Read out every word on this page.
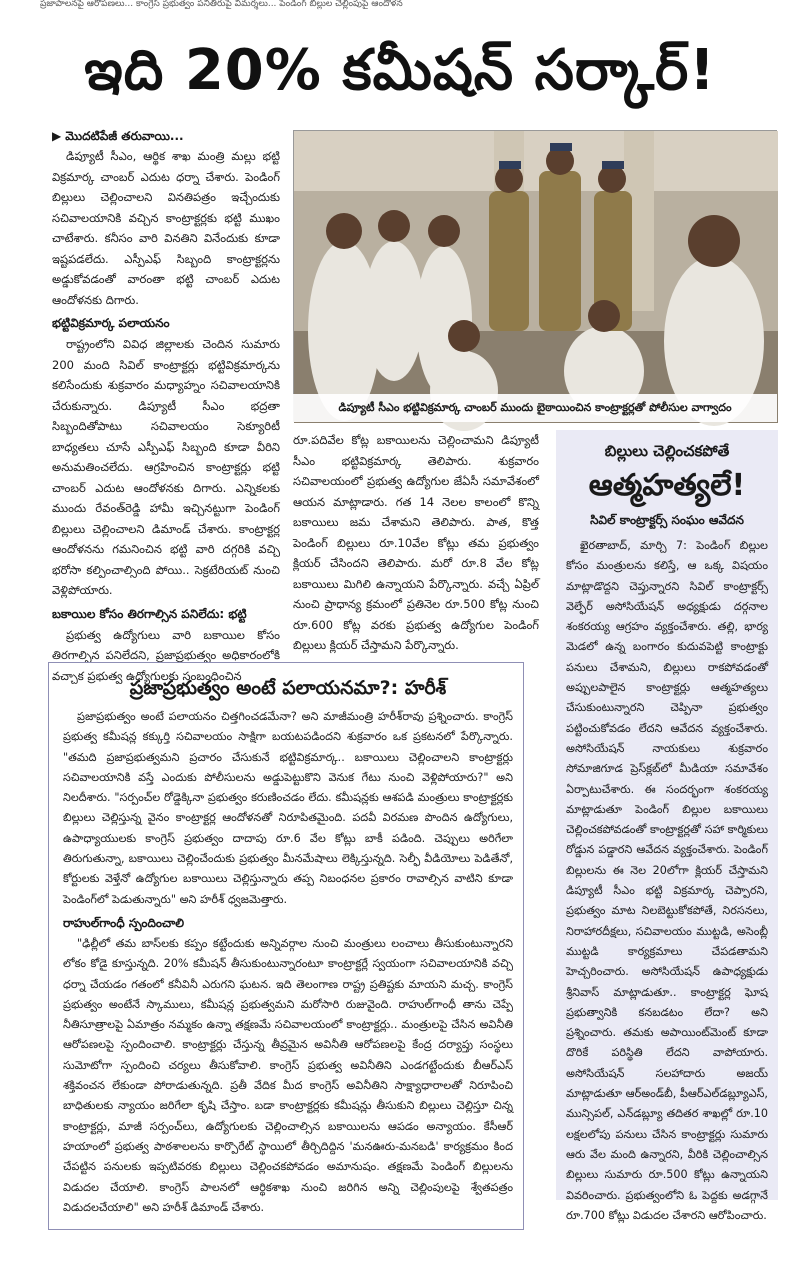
ప్రజాపాలనపై ఆరోపణలు... కాంగ్రెస్ ప్రభుత్వం పనితీరుపై విమర్శలు... పెండింగ్ బిల్లుల చెల్లింపుపై ఆందోళన
ఇది 20% కమీషన్ సర్కార్!
▶ మొదటిపేజీ తరువాయి...

డిప్యూటీ సీఎం, ఆర్థిక శాఖ మంత్రి మల్లు భట్టి విక్రమార్క చాంబర్ ఎదుట ధర్నా చేశారు. పెండింగ్ బిల్లులు చెల్లించాలని వినతిపత్రం ఇచ్చేందుకు సచివాలయానికి వచ్చిన కాంట్రాక్టర్లకు భట్టి ముఖం చాటేశారు. కనీసం వారి వినతిని వినేందుకు కూడా ఇష్టపడలేదు. ఎస్పీఎఫ్ సిబ్బంది కాంట్రాక్టర్లను అడ్డుకోవడంతో వారంతా భట్టి చాంబర్ ఎదుట ఆందోళనకు దిగారు.

భట్టివిక్రమార్క పలాయనం

రాష్ట్రంలోని వివిధ జిల్లాలకు చెందిన సుమారు 200 మంది సివిల్ కాంట్రాక్టర్లు భట్టివిక్రమార్కను కలిసేందుకు శుక్రవారం మధ్యాహ్నం సచివాలయానికి చేరుకున్నారు. డిప్యూటీ సీఎం భద్రతా సిబ్బందితోపాటు సచివాలయం సెక్యూరిటీ బాధ్యతలు చూసే ఎస్పీఎఫ్ సిబ్బంది కూడా వీరిని అనుమతించలేదు. ఆగ్రహించిన కాంట్రాక్టర్లు భట్టి చాంబర్ ఎదుట ఆందోళనకు దిగారు. ఎన్నికలకు ముందు రేవంత్‌రెడ్డి హామీ ఇచ్చినట్టుగా పెండింగ్ బిల్లులు చెల్లించాలని డిమాండ్ చేశారు. కాంట్రాక్టర్ల ఆందోళనను గమనించిన భట్టి వారి దగ్గరికి వచ్చి భరోసా కల్పించాల్సింది పోయి.. సెక్రటేరియట్ నుంచి వెళ్లిపోయారు.

బకాయిల కోసం తిరగాల్సిన పనిలేదు: భట్టి

ప్రభుత్వ ఉద్యోగులు వారి బకాయిల కోసం తిరగాల్సిన పనిలేదని, ప్రజాప్రభుత్వం అధికారంలోకి వచ్చాక ప్రభుత్వ ఉద్యోగులకు సంబంధించిన

డిప్యూటీ సీఎం భట్టివిక్రమార్క చాంబర్ ముందు బైఠాయించిన కాంట్రాక్టర్లతో పోలీసుల వాగ్వాదం

రూ.పదివేల కోట్ల బకాయిలను చెల్లించామని డిప్యూటీ సీఎం భట్టివిక్రమార్క తెలిపారు. శుక్రవారం సచివాలయంలో ప్రభుత్వ ఉద్యోగుల జేఏసీ సమావేశంలో ఆయన మాట్లాడారు. గత 14 నెలల కాలంలో కొన్ని బకాయిలు జమ చేశామని తెలిపారు. పాత, కొత్త పెండింగ్ బిల్లులు రూ.10వేల కోట్లు తమ ప్రభుత్వం క్లియర్ చేసిందని తెలిపారు. మరో రూ.8 వేల కోట్ల బకాయిలు మిగిలి ఉన్నాయని పేర్కొన్నారు. వచ్చే ఏప్రిల్ నుంచి ప్రాధాన్య క్రమంలో ప్రతినెల రూ.500 కోట్ల నుంచి రూ.600 కోట్ల వరకు ప్రభుత్వ ఉద్యోగుల పెండింగ్ బిల్లులు క్లియర్ చేస్తామని పేర్కొన్నారు.

ప్రజాప్రభుత్వం అంటే పలాయనమా?: హరీశ్

ప్రజాప్రభుత్వం అంటే పలాయనం చిత్తగించడమేనా? అని మాజీమంత్రి హరీశ్‌రావు ప్రశ్నించారు. కాంగ్రెస్ ప్రభుత్వ కమీషన్ల కక్కుర్తి సచివాలయం సాక్షిగా బయటపడిందని శుక్రవారం ఒక ప్రకటనలో పేర్కొన్నారు. "తమది ప్రజాప్రభుత్వమని ప్రచారం చేసుకునే భట్టివిక్రమార్క.. బకాయిలు చెల్లించాలని కాంట్రాక్టర్లు సచివాలయానికి వస్తే ఎందుకు పోలీసులను అడ్డుపెట్టుకొని వెనుక గేటు నుంచి వెళ్లిపోయారు?" అని నిలదీశారు. "సర్పంచ్‌ల రోడ్డెక్కినా ప్రభుత్వం కరుణించడం లేదు. కమీషన్లకు ఆశపడి మంత్రులు కాంట్రాక్టర్లకు బిల్లులు చెల్లిస్తున్న వైనం కాంట్రాక్టర్ల ఆందోళనతో నిరూపితమైంది. పదవీ విరమణ పొందిన ఉద్యోగులు, ఉపాధ్యాయులకు కాంగ్రెస్ ప్రభుత్వం దాదాపు రూ.6 వేల కోట్లు బాకీ పడింది. చెప్పులు అరిగేలా తిరుగుతున్నా, బకాయిలు చెల్లించేందుకు ప్రభుత్వం మీనమేషాలు లెక్కిస్తున్నది. సెల్ఫీ వీడియోలు పెడితేనో, కోర్టులకు వెళ్తేనో ఉద్యోగుల బకాయిలు చెల్లిస్తున్నారు తప్ప నిబంధనల ప్రకారం రావాల్సిన వాటిని కూడా పెండింగ్‌లో పెడుతున్నారు" అని హరీశ్ ధ్వజమెత్తారు.

రాహుల్‌గాంధీ స్పందించాలి

"ఢిల్లీలో తమ బాస్‌లకు కప్పం కట్టేందుకు అన్నివర్గాల నుంచి మంత్రులు లంచాలు తీసుకుంటున్నారని లోకం కోడై కూస్తున్నది. 20% కమీషన్ తీసుకుంటున్నారంటూ కాంట్రాక్టర్లే స్వయంగా సచివాలయానికి వచ్చి ధర్నా చేయడం గతంలో కనీవినీ ఎరుగని ఘటన. ఇది తెలంగాణ రాష్ట్ర ప్రతిష్టకు మాయని మచ్చ. కాంగ్రెస్ ప్రభుత్వం అంటేనే స్కాములు, కమీషన్ల ప్రభుత్వమని మరోసారి రుజువైంది. రాహుల్‌గాంధీ తాను చెప్పే నీతిసూత్రాలపై ఏమాత్రం నమ్మకం ఉన్నా తక్షణమే సచివాలయంలో కాంట్రాక్టర్లు.. మంత్రులపై చేసిన అవినీతి ఆరోపణలపై స్పందించాలి. కాంట్రాక్టర్లు చేస్తున్న తీవ్రమైన అవినీతి ఆరోపణలపై కేంద్ర దర్యాప్తు సంస్థలు సుమోటోగా స్పందించి చర్యలు తీసుకోవాలి. కాంగ్రెస్ ప్రభుత్వ అవినీతిని ఎండగట్టేందుకు బీఆర్ఎస్ శక్తివంచన లేకుండా పోరాడుతున్నది. ప్రతీ వేదిక మీద కాంగ్రెస్ అవినీతిని సాక్ష్యాధారాలతో నిరూపించి బాధితులకు న్యాయం జరిగేలా కృషి చేస్తాం. బడా కాంట్రాక్టర్లకు కమీషన్లు తీసుకుని బిల్లులు చెల్లిస్తూ చిన్న కాంట్రాక్టర్లు, మాజీ సర్పంచ్‌లు, ఉద్యోగులకు చెల్లించాల్సిన బకాయిలను ఆపడం అన్యాయం. కేసీఆర్ హయాంలో ప్రభుత్వ పాఠశాలలను కార్పొరేట్ స్థాయిలో తీర్చిదిద్దిన 'మనఊరు-మనబడి' కార్యక్రమం కింద చేపట్టిన పనులకు ఇప్పటివరకు బిల్లులు చెల్లించకపోవడం అమానుషం. తక్షణమే పెండింగ్ బిల్లులను విడుదల చేయాలి. కాంగ్రెస్ పాలనలో ఆర్థికశాఖ నుంచి జరిగిన అన్ని చెల్లింపులపై శ్వేతపత్రం విడుదలచేయాలి" అని హరీశ్ డిమాండ్ చేశారు.

బిల్లులు చెల్లించకపోతే
ఆత్మహత్యలే!
సివిల్ కాంట్రాక్టర్స్ సంఘం ఆవేదన

ఖైరతాబాద్, మార్చి 7: పెండింగ్ బిల్లుల కోసం మంత్రులను కలిస్తే, ఆ ఒక్క విషయం మాట్లాడొద్దని చెప్తున్నారని సివిల్ కాంట్రాక్టర్స్ వెల్ఫేర్ అసోసియేషన్ అధ్యక్షుడు దర్గనాల శంకరయ్య ఆగ్రహం వ్యక్తంచేశారు. తల్లి, భార్య మెడలో ఉన్న బంగారం కుదువపెట్టి కాంట్రాక్టు పనులు చేశామని, బిల్లులు రాకపోవడంతో అప్పులపాలైన కాంట్రాక్టర్లు ఆత్మహత్యలు చేసుకుంటున్నారని చెప్పినా ప్రభుత్వం పట్టించుకోవడం లేదని ఆవేదన వ్యక్తంచేశారు. అసోసియేషన్ నాయకులు శుక్రవారం సోమాజిగూడ ప్రెస్‌క్లబ్‌లో మీడియా సమావేశం ఏర్పాటుచేశారు. ఈ సందర్భంగా శంకరయ్య మాట్లాడుతూ పెండింగ్ బిల్లుల బకాయిలు చెల్లించకపోవడంతో కాంట్రాక్టర్లతో సహా కార్మికులు రోడ్డున పడ్డారని ఆవేదన వ్యక్తంచేశారు. పెండింగ్ బిల్లులను ఈ నెల 20లోగా క్లియర్ చేస్తామని డిప్యూటీ సీఎం భట్టి విక్రమార్క చెప్పారని, ప్రభుత్వం మాట నిలబెట్టుకోకపోతే, నిరసనలు, నిరాహారదీక్షలు, సచివాలయం ముట్టడి, అసెంబ్లీ ముట్టడి కార్యక్రమాలు చేపడతామని హెచ్చరించారు. అసోసియేషన్ ఉపాధ్యక్షుడు శ్రీనివాస్ మాట్లాడుతూ.. కాంట్రాక్టర్ల ఘోష ప్రభుత్వానికి కనబడటం లేదా? అని ప్రశ్నించారు. తమకు అపాయింట్‌మెంట్ కూడా దొరికే పరిస్థితి లేదని వాపోయారు. అసోసియేషన్ సలహాదారు అజయ్ మాట్లాడుతూ ఆర్‌అండ్‌బీ, పీఆర్‌ఎల్‌డబ్ల్యూఎస్, మున్సిపల్, ఎన్‌డబ్ల్యూ తదితర శాఖల్లో రూ.10 లక్షలలోపు పనులు చేసిన కాంట్రాక్టర్లు సుమారు ఆరు వేల మంది ఉన్నారని, వీరికి చెల్లించాల్సిన బిల్లులు సుమారు రూ.500 కోట్లు ఉన్నాయని వివరించారు. ప్రభుత్వంలోని ఓ పెద్దకు అడగ్గానే రూ.700 కోట్లు విడుదల చేశారని ఆరోపించారు.
